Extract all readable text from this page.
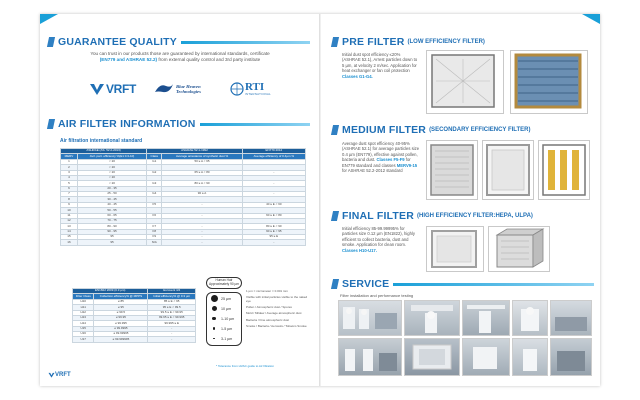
GUARANTEE QUALITY
You can trust in our products those are guaranteed by international standards, certificate
(EN779 and ASHRAE 52.2) from external quality control and 3rd party institute
VRFT	Blue Heaven Technologies	RTI
INTERNATIONAL
AIR FILTER INFORMATION
Air filtration international standard
ASHRAE (AS. 52.2-2013)		ASHRAE 52.1-1992		EN779 2012
MERV	Avrl. part. efficiency %(E1 0.3-10)	Class	Average arrestance of synthetic dust %	Average efficiency of 0.4µm %
1	< 20	G1	50 ≤ A < 65	
2	< 20			
3	< 20	G2	65 ≤ A < 80	-
4	< 20			
5	< 20	G3	80 ≤ A < 90	-
6	20 - 35			
7	25 - 50	G4	90 ≤ A	-
8	30 - 45			
9	40 - 45	F5	-	40 ≤ E < 60
10	50 - 55			
11	60 - 65	F6	-	60 ≤ E < 80
12	70 - 75			
13	80 - 90	F7	-	80 ≤ E < 90
14	90 - 95	F8	-	90 ≤ E < 95
15	95	F9	-	95 ≤ E
16	95	N/A	-	-
EN1822 2009 (0.3 µm)		Eurovent 4/4
Filter Class	Collection efficiency% @ MPPS	Initial efficiency% @ 0.3 µm
H10	≥ 85	85 ≤ E < 95
H11	≥ 95	95 ≤ E < 99.5
H12	≥ 99.5	99.5 ≤ E < 99.95
H13	≥ 99.95	99.95 ≤ E < 99.995
H14	≥ 99.995	99.995 ≤ E
U15	≥ 99.9995	-
U16	≥ 99.99995	-
U17	≥ 99.999995	-
Human Hair Approximately 90 µm
25 µm
10 µm
1-10 µm
1-5 µm
3-1 µm
1 µm = micrometer = 0.001 mm
Visible with initial particles visible to the naked eye
Pollen / Atmospheric dust / Spores
Mold / Mildew / Average atmospheric dust
Bacteria / Fine atmospheric dust
Smoke / Bacteria / Aerosols / Tobacco Smoke
* Tolerance from HVAC guide to Air filtration
VRFT
PRE FILTER (LOW EFFICIENCY FILTER)
Initial dust spot efficiency ≤20% (ASHRAE 52.1), Arrest particles down to 5 µm, at velocity 2 m/sec. Application for heat exchanger or fan coil protection Classes G1-G4.
MEDIUM FILTER (SECONDARY EFFICIENCY FILTER)
Average dust spot efficiency 40-95% (ASHRAE 52.1) for average particles size 0.4 µm (EN779), effective against pollen, bacteria and dust. Classes F5-F9 for EN779 standard and classes MERV9-15 for ASHRAE 52.2-2012 standard
FINAL FILTER (HIGH EFFICIENCY FILTER:HEPA, ULPA)
Initial efficiency 85-99.99995% for particles size 0.12 µm (EN1822), highly efficient to collect bacteria, dust and smoke. Application for clean room. Classes H10-U17.
SERVICE
Filter installation and performance testing
